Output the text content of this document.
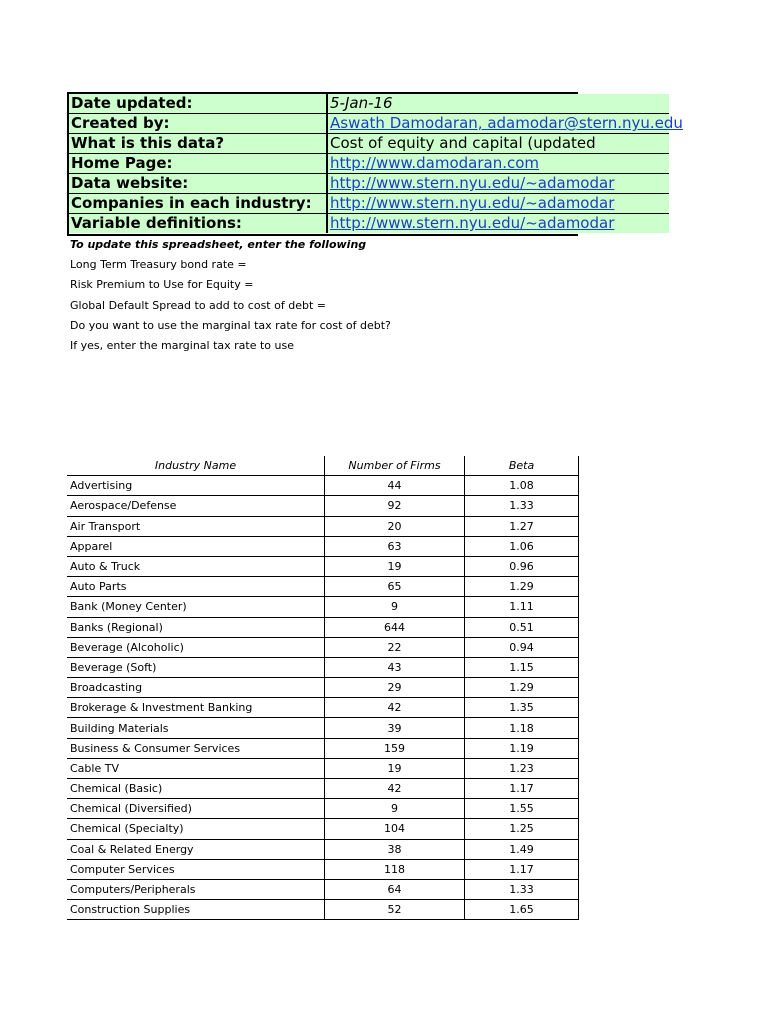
Date updated:	5-Jan-16
Created by:	Aswath Damodaran, adamodar@stern.nyu.edu
What is this data?	Cost of equity and capital (updated
Home Page:	http://www.damodaran.com
Data website:	http://www.stern.nyu.edu/~adamodar
Companies in each industry:	http://www.stern.nyu.edu/~adamodar
Variable definitions:	http://www.stern.nyu.edu/~adamodar
To update this spreadsheet, enter the following
Long Term Treasury bond rate =
Risk Premium to Use for Equity =
Global Default Spread to add to cost of debt =
Do you want to use the marginal tax rate for cost of debt?
If yes, enter the marginal tax rate to use
Industry Name	Number of Firms	Beta
Advertising	44	1.08
Aerospace/Defense	92	1.33
Air Transport	20	1.27
Apparel	63	1.06
Auto & Truck	19	0.96
Auto Parts	65	1.29
Bank (Money Center)	9	1.11
Banks (Regional)	644	0.51
Beverage (Alcoholic)	22	0.94
Beverage (Soft)	43	1.15
Broadcasting	29	1.29
Brokerage & Investment Banking	42	1.35
Building Materials	39	1.18
Business & Consumer Services	159	1.19
Cable TV	19	1.23
Chemical (Basic)	42	1.17
Chemical (Diversified)	9	1.55
Chemical (Specialty)	104	1.25
Coal & Related Energy	38	1.49
Computer Services	118	1.17
Computers/Peripherals	64	1.33
Construction Supplies	52	1.65
